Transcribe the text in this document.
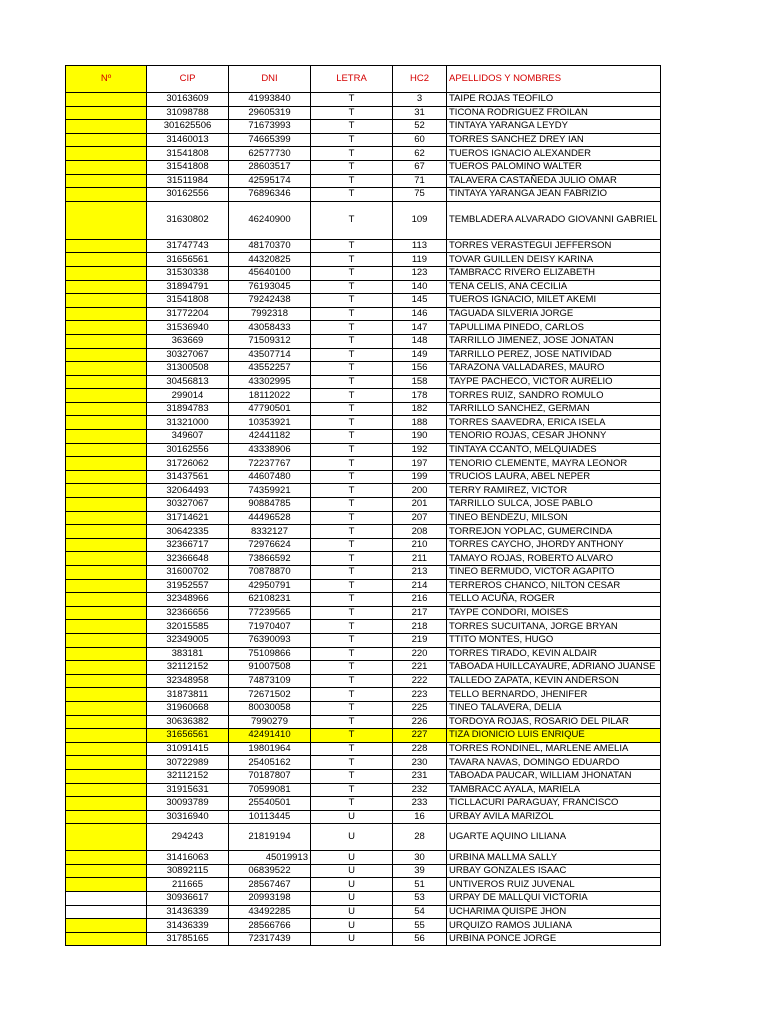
Nº	CIP	DNI	LETRA	HC2	APELLIDOS Y NOMBRES
	30163609	41993840	T	3	TAIPE ROJAS TEOFILO
	31098788	29605319	T	31	TICONA RODRIGUEZ FROILAN
	301625506	71673993	T	52	TINTAYA YARANGA LEYDY
	31460013	74665399	T	60	TORRES SANCHEZ DREY IAN
	31541808	62577730	T	62	TUEROS IGNACIO ALEXANDER
	31541808	28603517	T	67	TUEROS PALOMINO WALTER
	31511984	42595174	T	71	TALAVERA CASTAÑEDA JULIO OMAR
	30162556	76896346	T	75	TINTAYA YARANGA JEAN FABRIZIO
	31630802	46240900	T	109	TEMBLADERA ALVARADO GIOVANNI GABRIEL
	31747743	48170370	T	113	TORRES VERASTEGUI JEFFERSON
	31656561	44320825	T	119	TOVAR GUILLEN DEISY KARINA
	31530338	45640100	T	123	TAMBRACC RIVERO ELIZABETH
	31894791	76193045	T	140	TENA CELIS, ANA CECILIA
	31541808	79242438	T	145	TUEROS IGNACIO, MILET AKEMI
	31772204	7992318	T	146	TAGUADA SILVERIA JORGE
	31536940	43058433	T	147	TAPULLIMA PINEDO, CARLOS
	363669	71509312	T	148	TARRILLO JIMENEZ, JOSE JONATAN
	30327067	43507714	T	149	TARRILLO PEREZ, JOSE NATIVIDAD
	31300508	43552257	T	156	TARAZONA VALLADARES, MAURO
	30456813	43302995	T	158	TAYPE PACHECO, VICTOR AURELIO
	299014	18112022	T	178	TORRES RUIZ, SANDRO ROMULO
	31894783	47790501	T	182	TARRILLO SANCHEZ, GERMAN
	31321000	10353921	T	188	TORRES SAAVEDRA, ERICA ISELA
	349607	42441182	T	190	TENORIO ROJAS, CESAR JHONNY
	30162556	43338906	T	192	TINTAYA CCANTO, MELQUIADES
	31726062	72237767	T	197	TENORIO CLEMENTE, MAYRA LEONOR
	31437561	44607480	T	199	TRUCIOS LAURA, ABEL NEPER
	32064493	74359921	T	200	TERRY RAMIREZ, VICTOR
	30327067	90884785	T	201	TARRILLO SULCA, JOSE PABLO
	31714621	44496528	T	207	TINEO BENDEZU, MILSON
	30642335	8332127	T	208	TORREJON YOPLAC, GUMERCINDA
	32366717	72976624	T	210	TORRES CAYCHO, JHORDY ANTHONY
	32366648	73866592	T	211	TAMAYO ROJAS, ROBERTO ALVARO
	31600702	70878870	T	213	TINEO BERMUDO, VICTOR AGAPITO
	31952557	42950791	T	214	TERREROS CHANCO, NILTON CESAR
	32348966	62108231	T	216	TELLO ACUÑA, ROGER
	32366656	77239565	T	217	TAYPE CONDORI, MOISES
	32015585	71970407	T	218	TORRES SUCUITANA, JORGE BRYAN
	32349005	76390093	T	219	TTITO MONTES, HUGO
	383181	75109866	T	220	TORRES TIRADO, KEVIN ALDAIR
	32112152	91007508	T	221	TABOADA HUILLCAYAURE, ADRIANO JUANSE
	32348958	74873109	T	222	TALLEDO ZAPATA, KEVIN ANDERSON
	31873811	72671502	T	223	TELLO BERNARDO, JHENIFER
	31960668	80030058	T	225	TINEO TALAVERA, DELIA
	30636382	7990279	T	226	TORDOYA ROJAS, ROSARIO DEL PILAR
	31656561	42491410	T	227	TIZA DIONICIO LUIS ENRIQUE
	31091415	19801964	T	228	TORRES RONDINEL, MARLENE AMELIA
	30722989	25405162	T	230	TAVARA NAVAS, DOMINGO EDUARDO
	32112152	70187807	T	231	TABOADA PAUCAR, WILLIAM JHONATAN
	31915631	70599081	T	232	TAMBRACC AYALA, MARIELA
	30093789	25540501	T	233	TICLLACURI PARAGUAY, FRANCISCO
	30316940	10113445	U	16	URBAY AVILA MARIZOL
	294243	21819194	U	28	UGARTE AQUINO LILIANA
	31416063	45019913	U	30	URBINA MALLMA SALLY
	30892115	06839522	U	39	URBAY GONZALES ISAAC
	211665	28567467	U	51	UNTIVEROS RUIZ JUVENAL
	30936617	20993198	U	53	URPAY DE MALLQUI VICTORIA
	31436339	43492285	U	54	UCHARIMA QUISPE JHON
	31436339	28566766	U	55	URQUIZO RAMOS JULIANA
	31785165	72317439	U	56	URBINA PONCE JORGE
